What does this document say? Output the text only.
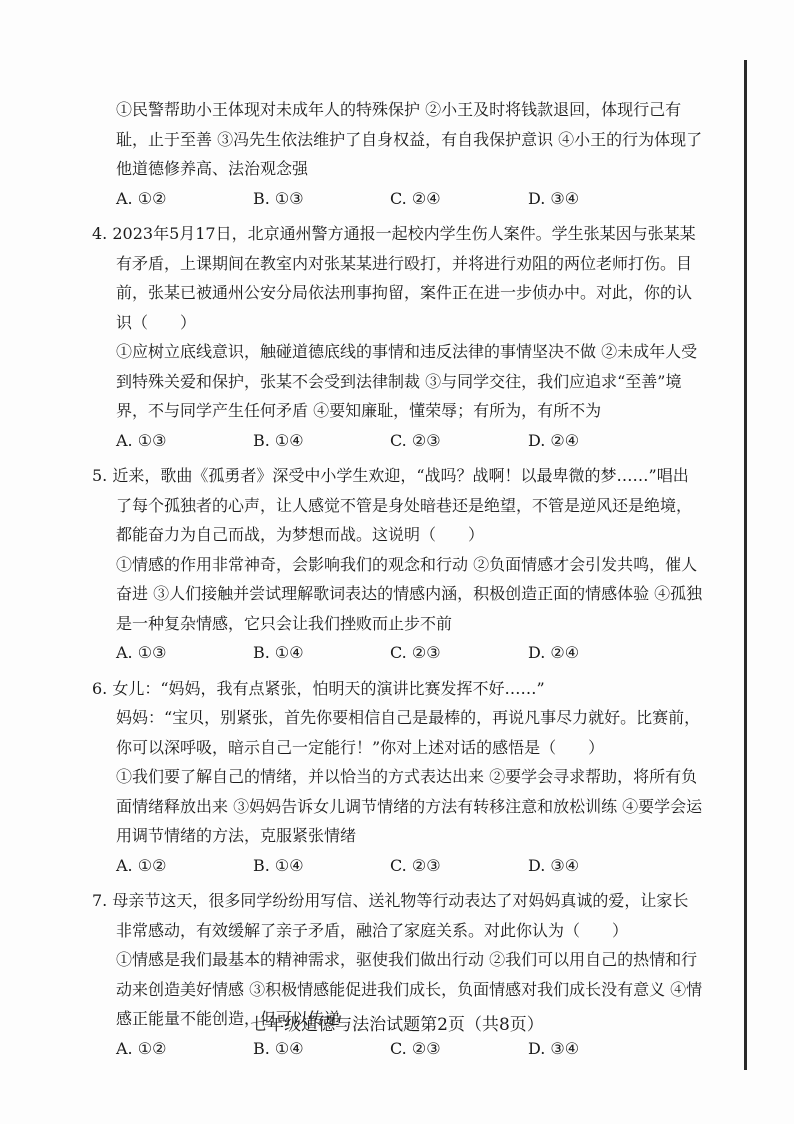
七年级道德与法治试题第2页（共8页）
①民警帮助小王体现对未成年人的特殊保护 ②小王及时将钱款退回，体现行己有
耻，止于至善 ③冯先生依法维护了自身权益，有自我保护意识 ④小王的行为体现了
他道德修养高、法治观念强
A. ①②	B. ①③	C. ②④	D. ③④
4. 2023年5月17日，北京通州警方通报一起校内学生伤人案件。学生张某因与张某某
有矛盾，上课期间在教室内对张某某进行殴打，并将进行劝阻的两位老师打伤。目
前，张某已被通州公安分局依法刑事拘留，案件正在进一步侦办中。对此，你的认
识（　　）
①应树立底线意识，触碰道德底线的事情和违反法律的事情坚决不做 ②未成年人受
到特殊关爱和保护，张某不会受到法律制裁 ③与同学交往，我们应追求“至善”境
界，不与同学产生任何矛盾 ④要知廉耻，懂荣辱；有所为，有所不为
A. ①③	B. ①④	C. ②③	D. ②④
5. 近来，歌曲《孤勇者》深受中小学生欢迎，“战吗？战啊！以最卑微的梦……”唱出
了每个孤独者的心声，让人感觉不管是身处暗巷还是绝望，不管是逆风还是绝境，
都能奋力为自己而战，为梦想而战。这说明（　　）
①情感的作用非常神奇，会影响我们的观念和行动 ②负面情感才会引发共鸣，催人
奋进 ③人们接触并尝试理解歌词表达的情感内涵，积极创造正面的情感体验 ④孤独
是一种复杂情感，它只会让我们挫败而止步不前
A. ①③	B. ①④	C. ②③	D. ②④
6. 女儿：“妈妈，我有点紧张，怕明天的演讲比赛发挥不好……”
妈妈：“宝贝，别紧张，首先你要相信自己是最棒的，再说凡事尽力就好。比赛前，
你可以深呼吸，暗示自己一定能行！”你对上述对话的感悟是（　　）
①我们要了解自己的情绪，并以恰当的方式表达出来 ②要学会寻求帮助，将所有负
面情绪释放出来 ③妈妈告诉女儿调节情绪的方法有转移注意和放松训练 ④要学会运
用调节情绪的方法，克服紧张情绪
A. ①②	B. ①④	C. ②③	D. ③④
7. 母亲节这天，很多同学纷纷用写信、送礼物等行动表达了对妈妈真诚的爱，让家长
非常感动，有效缓解了亲子矛盾，融洽了家庭关系。对此你认为（　　）
①情感是我们最基本的精神需求，驱使我们做出行动 ②我们可以用自己的热情和行
动来创造美好情感 ③积极情感能促进我们成长，负面情感对我们成长没有意义 ④情
感正能量不能创造，但可以传递
A. ①②	B. ①④	C. ②③	D. ③④
